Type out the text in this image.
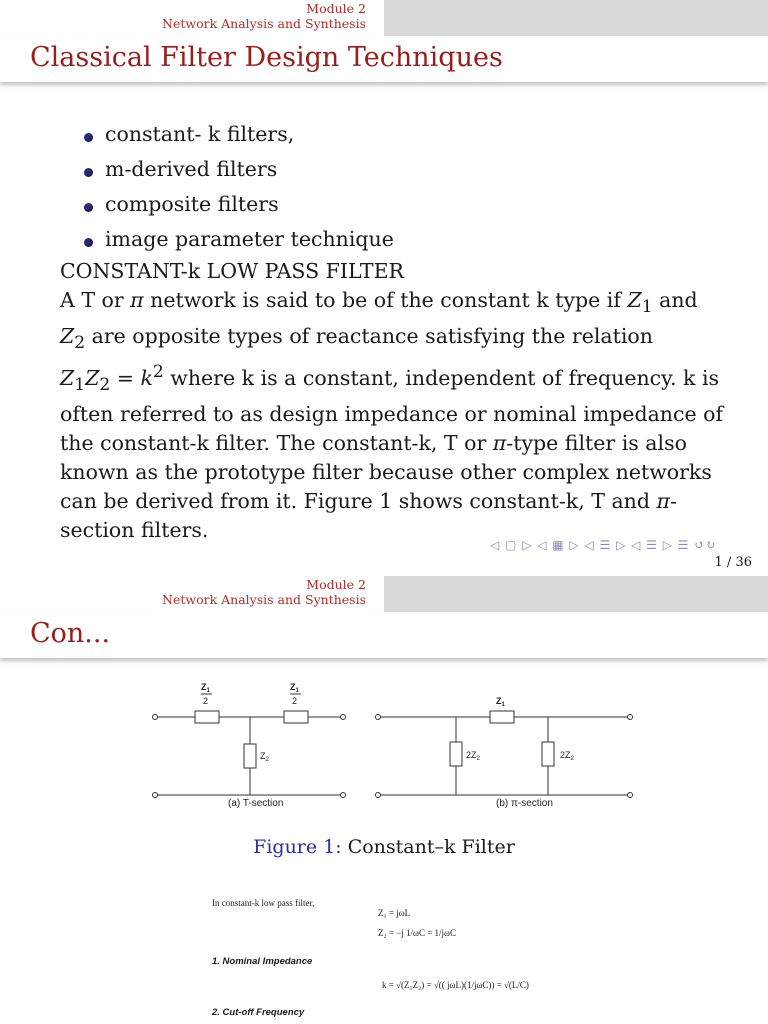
Module 2
Network Analysis and Synthesis
Classical Filter Design Techniques
constant- k filters,
m-derived filters
composite filters
image parameter technique
CONSTANT-k LOW PASS FILTER

A T or π network is said to be of the constant k type if $Z_1$ and
$Z_2$ are opposite types of reactance satisfying the relation
$Z_1Z_2 = k^2$ where k is a constant, independent of frequency. k is often referred to as design impedance or nominal impedance of the constant-k filter. The constant-k, T or π-type filter is also known as the prototype filter because other complex networks can be derived from it. Figure 1 shows constant-k, T and π-section filters.

◁ ▢ ▷ ◁ ▦ ▷ ◁ ☰ ▷ ◁ ☰ ▷ ☰ ↺↻
1 / 36
Module 2
Network Analysis and Synthesis
Con...
$Z_1$
2
$Z_1$
2
$Z_2$
$Z_1$
$2Z_2$	$2Z_2$
(a) T-section	(b) π-section
Figure 1: Constant–k Filter
In constant-k low pass filter,
Z₁ = jωL
Z₂ = −j 1/ωC = 1/jωC
1. Nominal Impedance
k = √(Z₁Z₂) = √(( jωL)(1/jωC)) = √(L/C)
2. Cut-off Frequency
